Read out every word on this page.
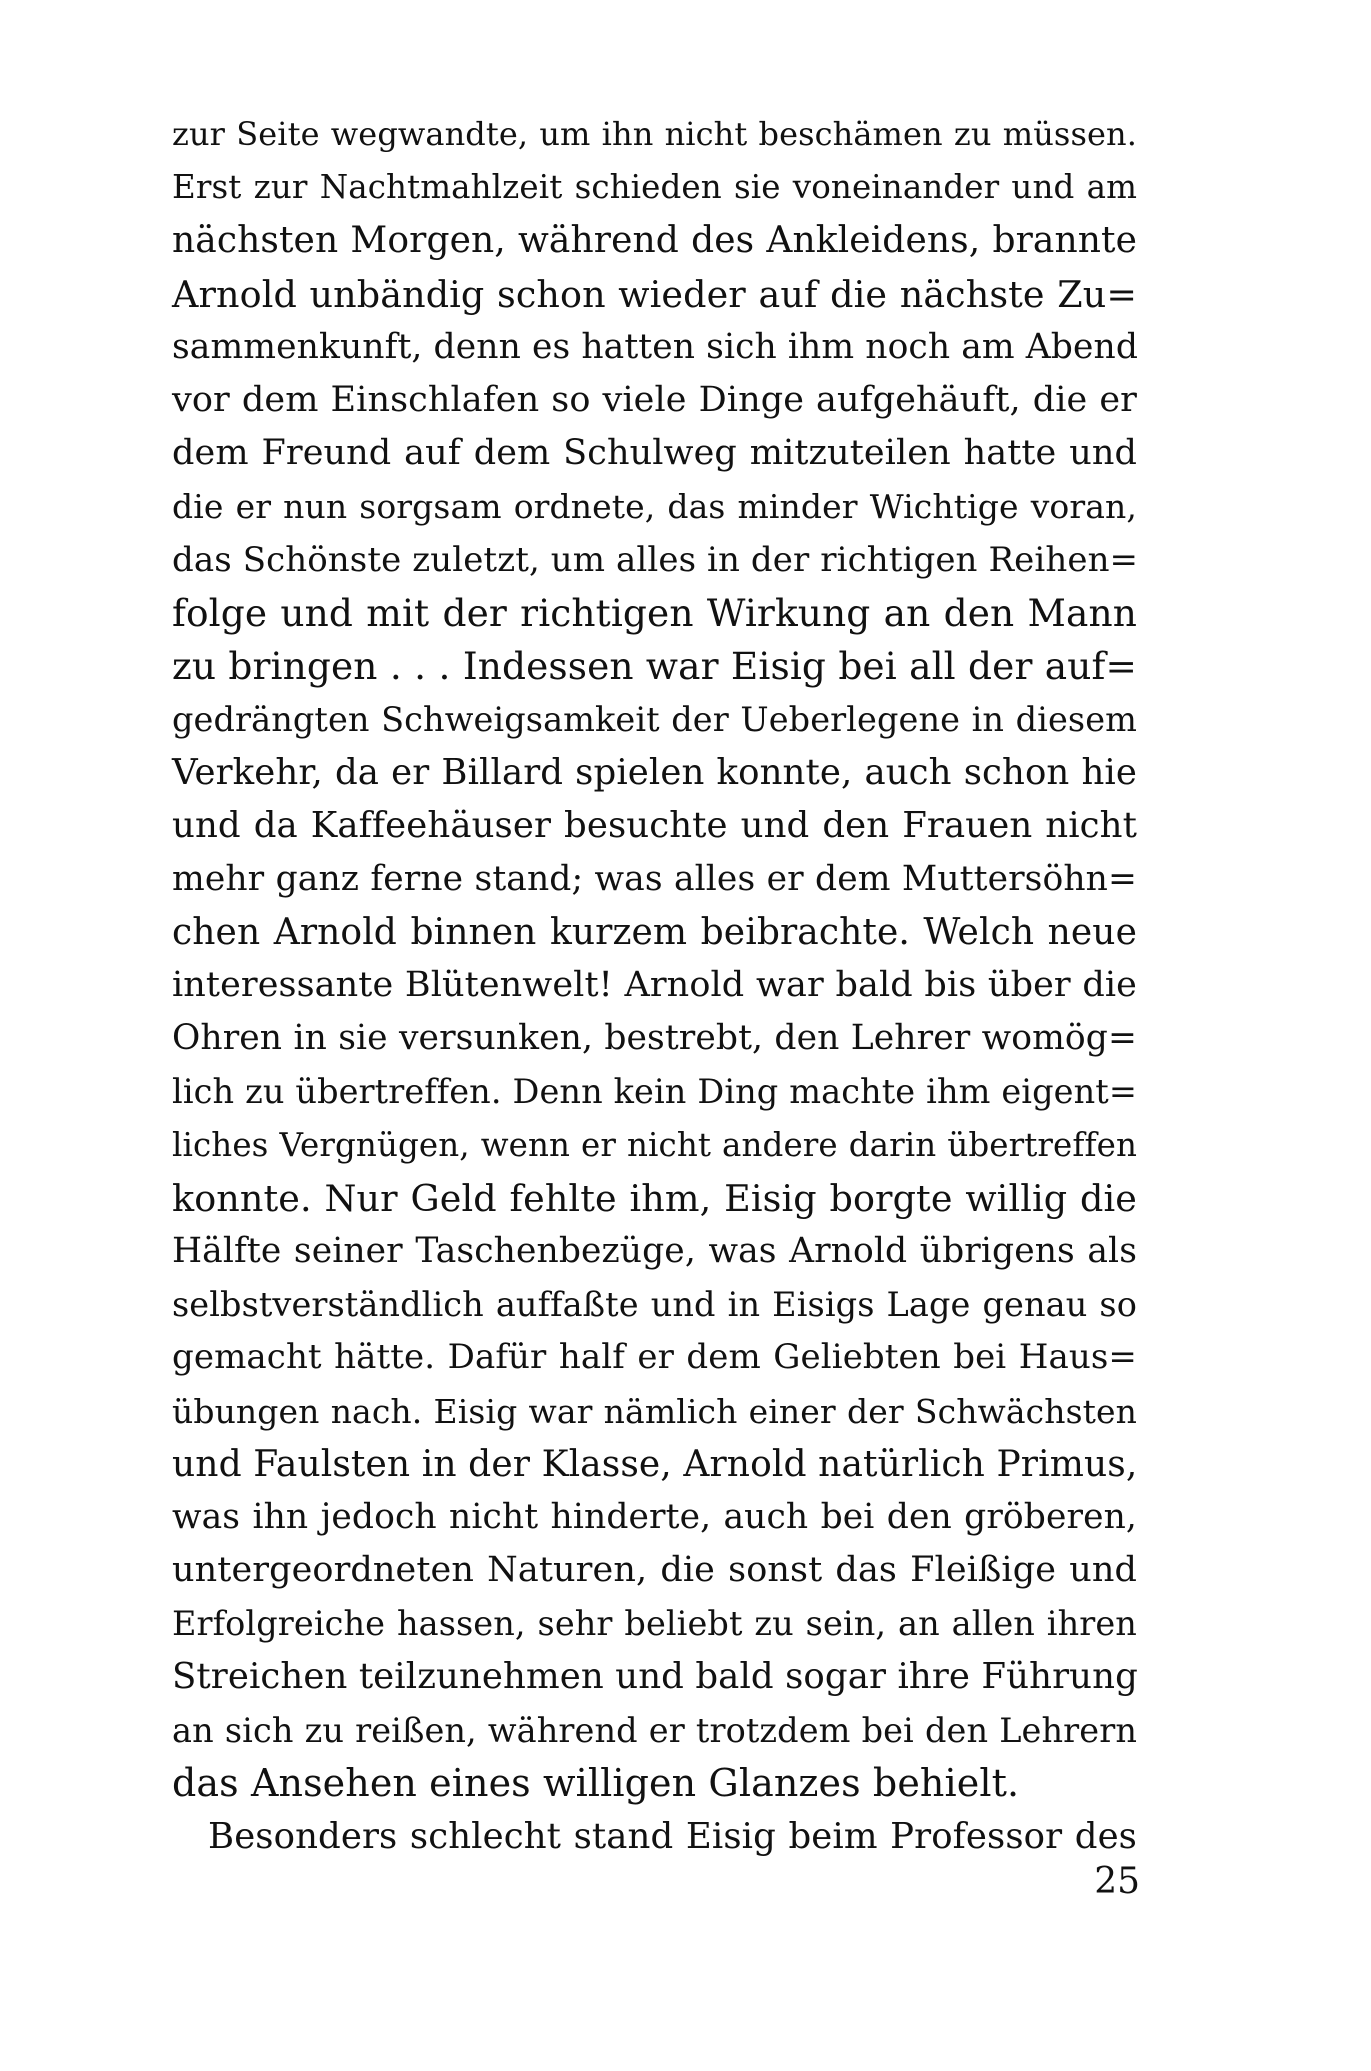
zur Seite wegwandte, um ihn nicht beschämen zu müssen.
Erst zur Nachtmahlzeit schieden sie voneinander und am
nächsten Morgen, während des Ankleidens, brannte
Arnold unbändig schon wieder auf die nächste Zu=
sammenkunft, denn es hatten sich ihm noch am Abend
vor dem Einschlafen so viele Dinge aufgehäuft, die er
dem Freund auf dem Schulweg mitzuteilen hatte und
die er nun sorgsam ordnete, das minder Wichtige voran,
das Schönste zuletzt, um alles in der richtigen Reihen=
folge und mit der richtigen Wirkung an den Mann
zu bringen . . . Indessen war Eisig bei all der auf=
gedrängten Schweigsamkeit der Ueberlegene in diesem
Verkehr, da er Billard spielen konnte, auch schon hie
und da Kaffeehäuser besuchte und den Frauen nicht
mehr ganz ferne stand; was alles er dem Muttersöhn=
chen Arnold binnen kurzem beibrachte. Welch neue
interessante Blütenwelt! Arnold war bald bis über die
Ohren in sie versunken, bestrebt, den Lehrer womög=
lich zu übertreffen. Denn kein Ding machte ihm eigent=
liches Vergnügen, wenn er nicht andere darin übertreffen
konnte. Nur Geld fehlte ihm, Eisig borgte willig die
Hälfte seiner Taschenbezüge, was Arnold übrigens als
selbstverständlich auffaßte und in Eisigs Lage genau so
gemacht hätte. Dafür half er dem Geliebten bei Haus=
übungen nach. Eisig war nämlich einer der Schwächsten
und Faulsten in der Klasse, Arnold natürlich Primus,
was ihn jedoch nicht hinderte, auch bei den gröberen,
untergeordneten Naturen, die sonst das Fleißige und
Erfolgreiche hassen, sehr beliebt zu sein, an allen ihren
Streichen teilzunehmen und bald sogar ihre Führung
an sich zu reißen, während er trotzdem bei den Lehrern
das Ansehen eines willigen Glanzes behielt.
Besonders schlecht stand Eisig beim Professor des
25
